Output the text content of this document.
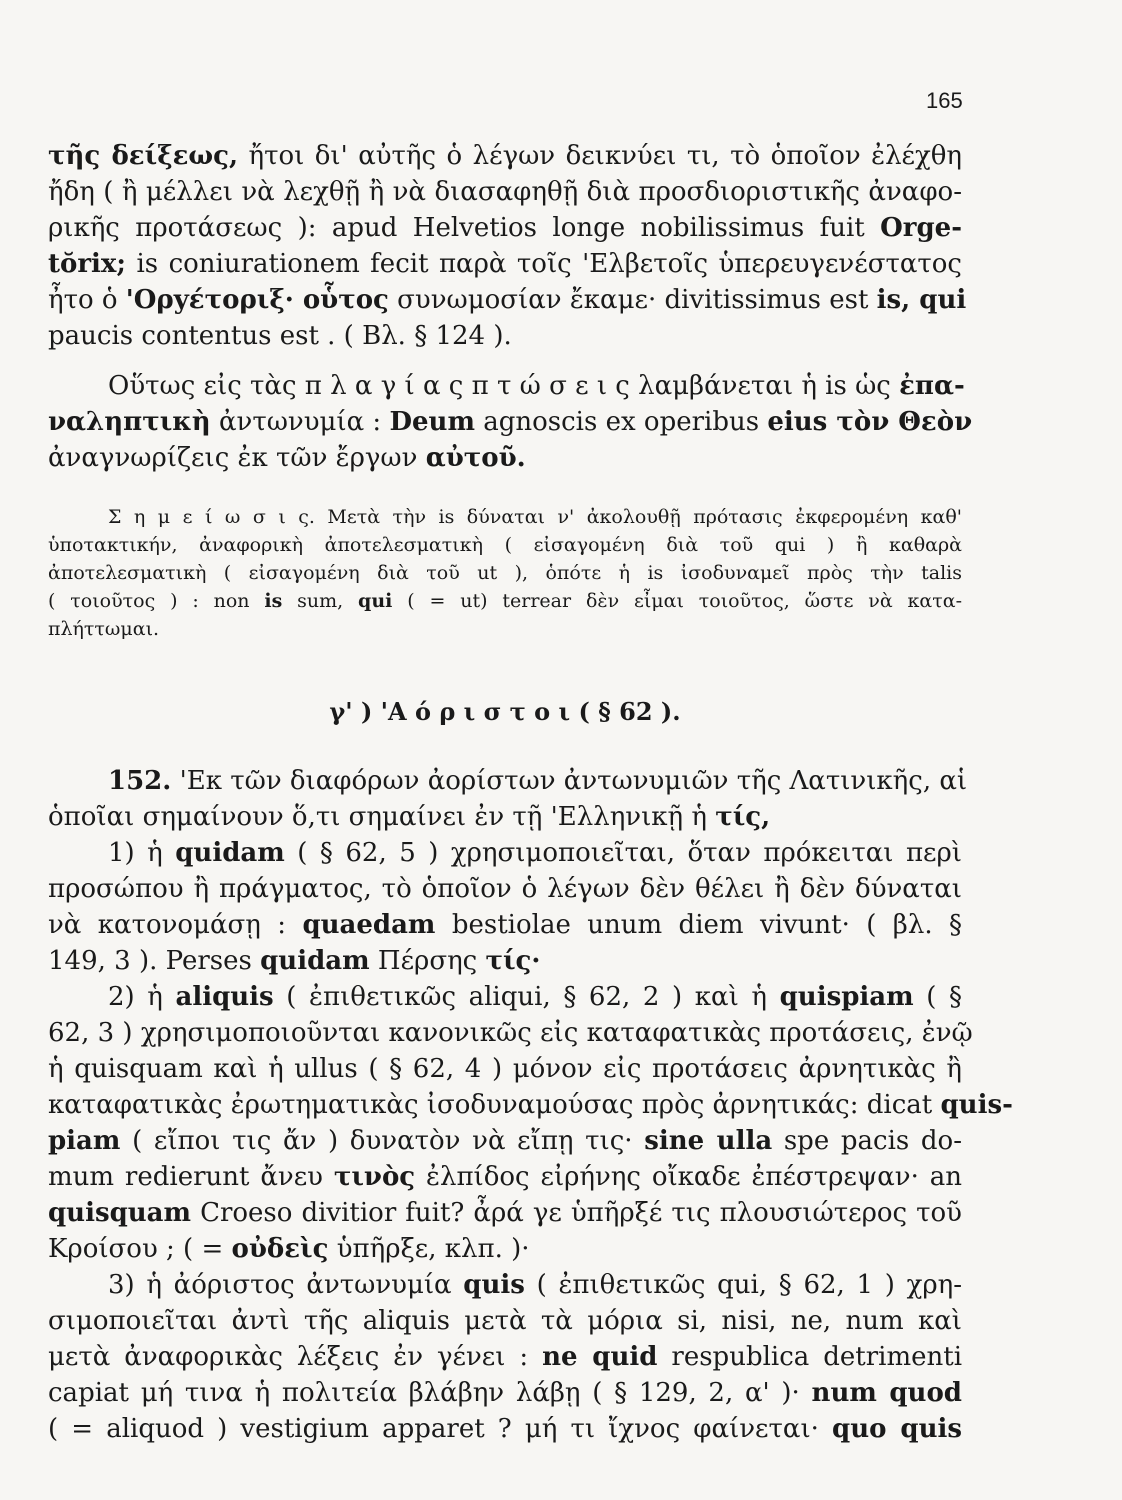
165
τῆς δείξεως, ἤτοι δι' αὐτῆς ὁ λέγων δεικνύει τι, τὸ ὁποῖον ἐλέχθη
ἤδη ( ἢ μέλλει νὰ λεχθῇ ἢ νὰ διασαφηθῇ διὰ προσδιοριστικῆς ἀναφο-
ρικῆς προτάσεως ): apud Helvetios longe nobilissimus fuit Orge-
tŏrix; is coniurationem fecit παρὰ τοῖς 'Ελβετοῖς ὑπερευγενέστατος
ἦτο ὁ 'Ορyέτοριξ· οὗτος συνωμοσίαν ἔκαμε· divitissimus est is, qui
paucis contentus est . ( Βλ. § 124 ).
Οὕτως εἰς τὰς π λ α γ ί α ς π τ ώ σ ε ι ς λαμβάνεται ἡ is ὡς ἐπα-
ναληπτικὴ ἀντωνυμία : Deum agnoscis ex operibus eius τὸν Θεὸν
ἀναγνωρίζεις ἐκ τῶν ἔργων αὐτοῦ.
Σ η μ ε ί ω σ ι ς. Μετὰ τὴν is δύναται ν' ἀκολουθῇ πρότασις ἐκφερομένη καθ'
ὑποτακτικήν, ἀναφορικὴ ἀποτελεσματικὴ ( εἰσαγομένη διὰ τοῦ qui ) ἢ καθαρὰ
ἀποτελεσματικὴ ( εἰσαγομένη διὰ τοῦ ut ), ὁπότε ἡ is ἰσοδυναμεῖ πρὸς τὴν talis
( τοιοῦτος ) : non is sum, qui ( = ut) terrear δὲν εἶμαι τοιοῦτος, ὥστε νὰ κατα-
πλήττωμαι.
γ' ) 'Α ό ρ ι σ τ ο ι ( § 62 ).
152. 'Εκ τῶν διαφόρων ἀορίστων ἀντωνυμιῶν τῆς Λατινικῆς, αἱ
ὁποῖαι σημαίνουν ὅ,τι σημαίνει ἐν τῇ 'Ελληνικῇ ἡ τίς,
1) ἡ quidam ( § 62, 5 ) χρησιμοποιεῖται, ὅταν πρόκειται περὶ
προσώπου ἢ πράγματος, τὸ ὁποῖον ὁ λέγων δὲν θέλει ἢ δὲν δύναται
νὰ κατονομάσῃ : quaedam bestiolae unum diem vivunt· ( βλ. §
149, 3 ). Perses quidam Πέρσης τίς·
2) ἡ aliquis ( ἐπιθετικῶς aliqui, § 62, 2 ) καὶ ἡ quispiam ( §
62, 3 ) χρησιμοποιοῦνται κανονικῶς εἰς καταφατικὰς προτάσεις, ἐνῷ
ἡ quisquam καὶ ἡ ullus ( § 62, 4 ) μόνον εἰς προτάσεις ἀρνητικὰς ἢ
καταφατικὰς ἐρωτηματικὰς ἰσοδυναμούσας πρὸς ἀρνητικάς: dicat quis-
piam ( εἴποι τις ἄν ) δυνατὸν νὰ εἴπῃ τις· sine ulla spe pacis do-
mum redierunt ἄνευ τινὸς ἐλπίδος εἰρήνης οἴκαδε ἐπέστρεψαν· an
quisquam Croeso divitior fuit? ἆρά γε ὑπῆρξέ τις πλουσιώτερος τοῦ
Κροίσου ; ( = οὐδεὶς ὑπῆρξε, κλπ. )·
3) ἡ ἀόριστος ἀντωνυμία quis ( ἐπιθετικῶς qui, § 62, 1 ) χρη-
σιμοποιεῖται ἀντὶ τῆς aliquis μετὰ τὰ μόρια si, nisi, ne, num καὶ
μετὰ ἀναφορικὰς λέξεις ἐν γένει : ne quid respublica detrimenti
capiat μή τινα ἡ πολιτεία βλάβην λάβῃ ( § 129, 2, α' )· num quod
( = aliquod ) vestigium apparet ? μή τι ἴχνος φαίνεται· quo quis
